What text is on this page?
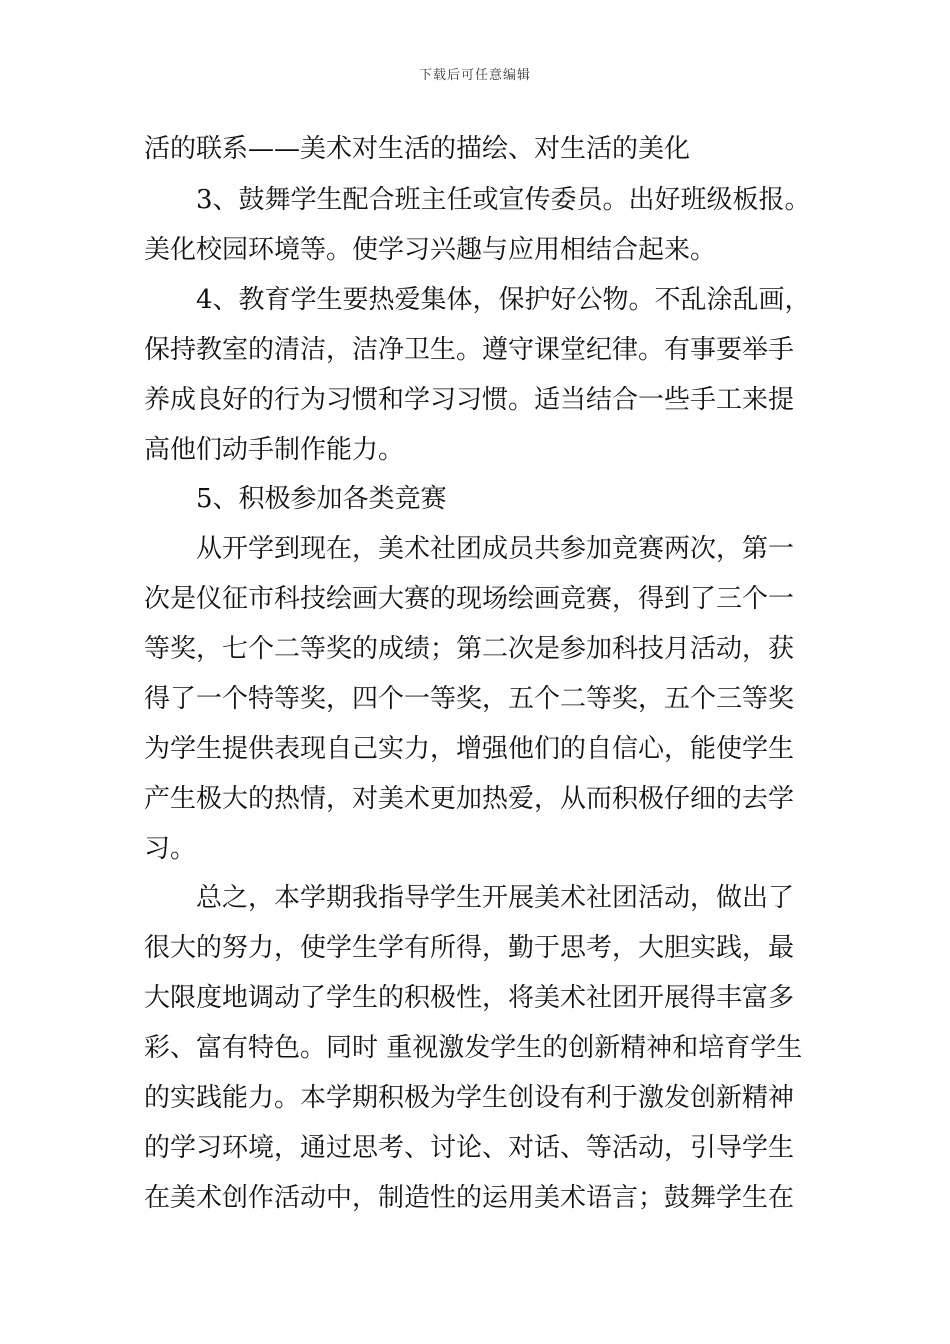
下载后可任意编辑
活的联系——美术对生活的描绘、对生活的美化
　　3、鼓舞学生配合班主任或宣传委员。出好班级板报。
美化校园环境等。使学习兴趣与应用相结合起来。
　　4、教育学生要热爱集体，保护好公物。不乱涂乱画，
保持教室的清洁，洁净卫生。遵守课堂纪律。有事要举手
养成良好的行为习惯和学习习惯。适当结合一些手工来提
高他们动手制作能力。
　　5、积极参加各类竞赛
　　从开学到现在，美术社团成员共参加竞赛两次，第一
次是仪征市科技绘画大赛的现场绘画竞赛，得到了三个一
等奖，七个二等奖的成绩；第二次是参加科技月活动，获
得了一个特等奖，四个一等奖，五个二等奖，五个三等奖
为学生提供表现自己实力，增强他们的自信心，能使学生
产生极大的热情，对美术更加热爱，从而积极仔细的去学
习。
　　总之，本学期我指导学生开展美术社团活动，做出了
很大的努力，使学生学有所得，勤于思考，大胆实践，最
大限度地调动了学生的积极性，将美术社团开展得丰富多
彩、富有特色。同时 重视激发学生的创新精神和培育学生
的实践能力。本学期积极为学生创设有利于激发创新精神
的学习环境，通过思考、讨论、对话、等活动，引导学生
在美术创作活动中，制造性的运用美术语言；鼓舞学生在
